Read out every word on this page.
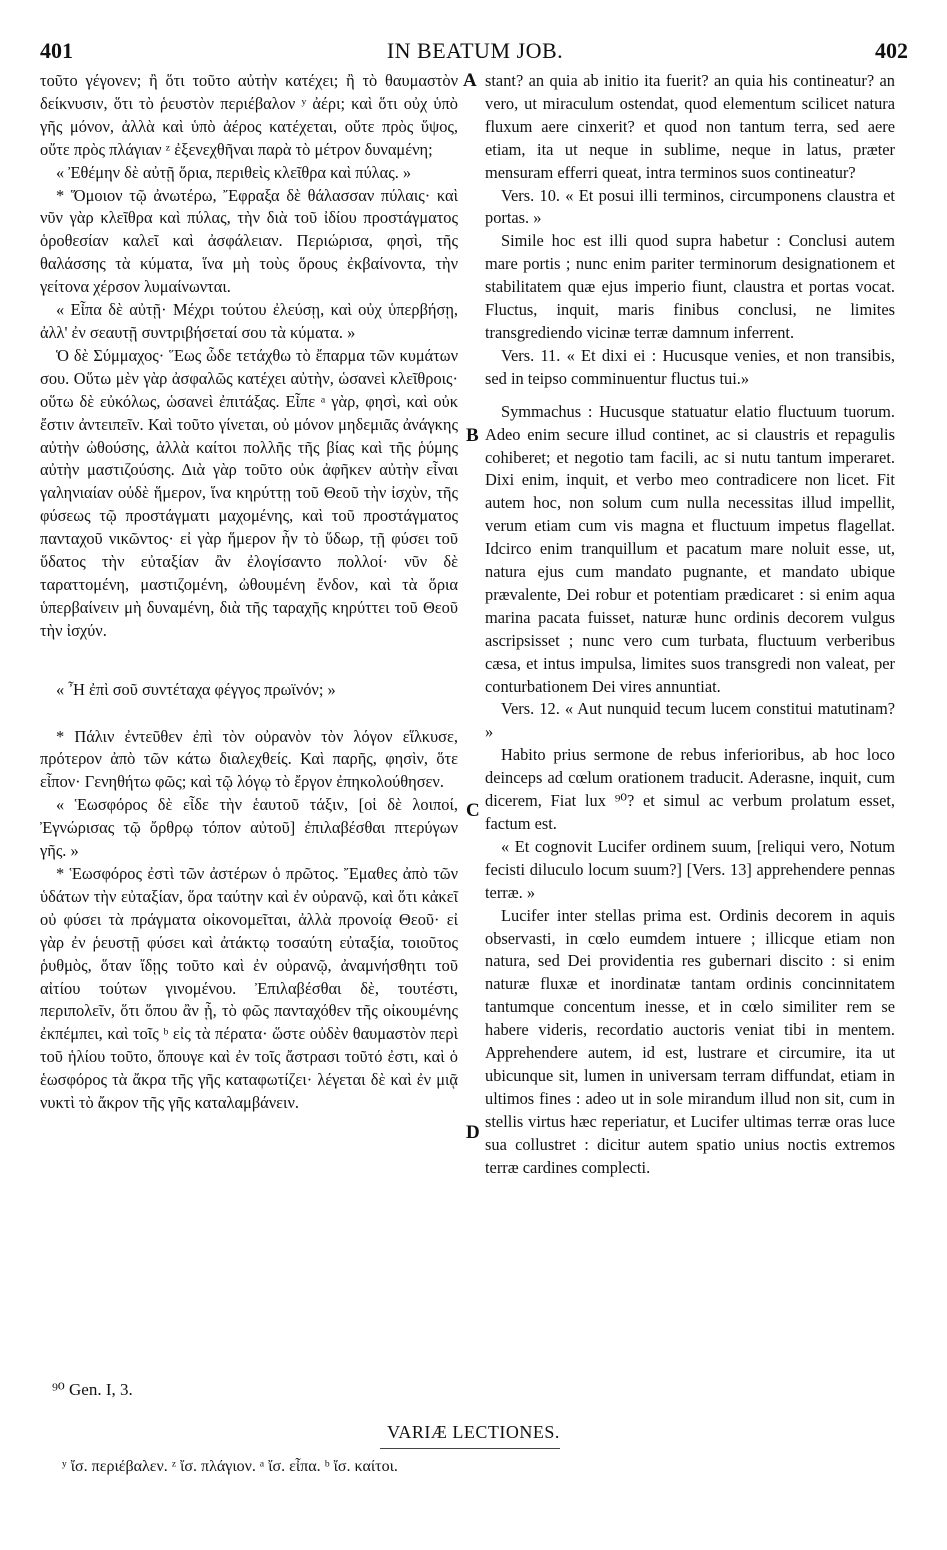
401	IN BEATUM JOB.	402

τοῦτο γέγονεν; ἢ ὅτι τοῦτο αὐτὴν κατέχει; ἢ τὸ θαυμαστὸν δείκνυσιν, ὅτι τὸ ῥευστὸν περιέβαλον ʸ ἀέρι; καὶ ὅτι οὐχ ὑπὸ γῆς μόνον, ἀλλὰ καὶ ὑπὸ ἀέρος κατέχεται, οὔτε πρὸς ὕψος, οὔτε πρὸς πλάγιαν ᶻ ἐξενεχθῆναι παρὰ τὸ μέτρον δυναμένη;

« Ἐθέμην δὲ αὐτῇ ὅρια, περιθεὶς κλεῖθρα καὶ πύλας. »

* Ὅμοιον τῷ ἀνωτέρω, Ἔφραξα δὲ θάλασσαν πύλαις· καὶ νῦν γὰρ κλεῖθρα καὶ πύλας, τὴν διὰ τοῦ ἰδίου προστάγματος ὁροθεσίαν καλεῖ καὶ ἀσφάλειαν. Περιώρισα, φησὶ, τῆς θαλάσσης τὰ κύματα, ἵνα μὴ τοὺς ὅρους ἐκβαίνοντα, τὴν γείτονα χέρσον λυμαίνωνται.

« Εἶπα δὲ αὐτῇ· Μέχρι τούτου ἐλεύσῃ, καὶ οὐχ ὑπερβήσῃ, ἀλλ' ἐν σεαυτῇ συντριβήσεταί σου τὰ κύματα. »

Ὁ δὲ Σύμμαχος· Ἕως ὧδε τετάχθω τὸ ἔπαρμα τῶν κυμάτων σου. Οὕτω μὲν γὰρ ἀσφαλῶς κατέχει αὐτὴν, ὡσανεὶ κλεῖθροις· οὕτω δὲ εὐκόλως, ὡσανεὶ ἐπιτάξας. Εἶπε ᵃ γὰρ, φησὶ, καὶ οὐκ ἔστιν ἀντειπεῖν. Καὶ τοῦτο γίνεται, οὐ μόνον μηδεμιᾶς ἀνάγκης αὐτὴν ὠθούσης, ἀλλὰ καίτοι πολλῆς τῆς βίας καὶ τῆς ῥύμης αὐτὴν μαστιζούσης. Διὰ γὰρ τοῦτο οὐκ ἀφῆκεν αὐτὴν εἶναι γαληνιαίαν οὐδὲ ἥμερον, ἵνα κηρύττῃ τοῦ Θεοῦ τὴν ἰσχὺν, τῆς φύσεως τῷ προστάγματι μαχομένης, καὶ τοῦ προστάγματος πανταχοῦ νικῶντος· εἰ γὰρ ἥμερον ἦν τὸ ὕδωρ, τῇ φύσει τοῦ ὕδατος τὴν εὐταξίαν ἂν ἐλογίσαντο πολλοί· νῦν δὲ ταραττομένη, μαστιζομένη, ὠθουμένη ἔνδον, καὶ τὰ ὅρια ὑπερβαίνειν μὴ δυναμένη, διὰ τῆς ταραχῆς κηρύττει τοῦ Θεοῦ τὴν ἰσχύν.

« Ἦ ἐπὶ σοῦ συντέταχα φέγγος πρωϊνόν; »

* Πάλιν ἐντεῦθεν ἐπὶ τὸν οὐρανὸν τὸν λόγον εἵλκυσε, πρότερον ἀπὸ τῶν κάτω διαλεχθείς. Καὶ παρῆς, φησὶν, ὅτε εἶπον· Γενηθήτω φῶς; καὶ τῷ λόγῳ τὸ ἔργον ἐπηκολούθησεν.

« Ἑωσφόρος δὲ εἶδε τὴν ἑαυτοῦ τάξιν, [οἱ δὲ λοιποί, Ἐγνώρισας τῷ ὄρθρῳ τόπον αὐτοῦ] ἐπιλαβέσθαι πτερύγων γῆς. »

* Ἑωσφόρος ἐστὶ τῶν ἀστέρων ὁ πρῶτος. Ἔμαθες ἀπὸ τῶν ὑδάτων τὴν εὐταξίαν, ὅρα ταύτην καὶ ἐν οὐρανῷ, καὶ ὅτι κἀκεῖ οὐ φύσει τὰ πράγματα οἰκονομεῖται, ἀλλὰ προνοίᾳ Θεοῦ· εἰ γὰρ ἐν ῥευστῇ φύσει καὶ ἀτάκτῳ τοσαύτη εὐταξία, τοιοῦτος ῥυθμὸς, ὅταν ἴδῃς τοῦτο καὶ ἐν οὐρανῷ, ἀναμνήσθητι τοῦ αἰτίου τούτων γινομένου. Ἐπιλαβέσθαι δὲ, τουτέστι, περιπολεῖν, ὅτι ὅπου ἂν ᾖ, τὸ φῶς πανταχόθεν τῆς οἰκουμένης ἐκπέμπει, καὶ τοῖς ᵇ εἰς τὰ πέρατα· ὥστε οὐδὲν θαυμαστὸν περὶ τοῦ ἡλίου τοῦτο, ὅπουγε καὶ ἐν τοῖς ἄστρασι τοῦτό ἐστι, καὶ ὁ ἑωσφόρος τὰ ἄκρα τῆς γῆς καταφωτίζει· λέγεται δὲ καὶ ἐν μιᾷ νυκτὶ τὸ ἄκρον τῆς γῆς καταλαμβάνειν.

stant? an quia ab initio ita fuerit? an quia his contineatur? an vero, ut miraculum ostendat, quod elementum scilicet natura fluxum aere cinxerit? et quod non tantum terra, sed aere etiam, ita ut neque in sublime, neque in latus, præter mensuram efferri queat, intra terminos suos contineatur?

Vers. 10. « Et posui illi terminos, circumponens claustra et portas. »

Simile hoc est illi quod supra habetur : Conclusi autem mare portis ; nunc enim pariter terminorum designationem et stabilitatem quæ ejus imperio fiunt, claustra et portas vocat. Fluctus, inquit, maris finibus conclusi, ne limites transgrediendo vicinæ terræ damnum inferrent.

Vers. 11. « Et dixi ei : Hucusque venies, et non transibis, sed in teipso comminuentur fluctus tui.»

Symmachus : Hucusque statuatur elatio fluctuum tuorum. Adeo enim secure illud continet, ac si claustris et repagulis cohiberet; et negotio tam facili, ac si nutu tantum imperaret. Dixi enim, inquit, et verbo meo contradicere non licet. Fit autem hoc, non solum cum nulla necessitas illud impellit, verum etiam cum vis magna et fluctuum impetus flagellat. Idcirco enim tranquillum et pacatum mare noluit esse, ut, natura ejus cum mandato pugnante, et mandato ubique prævalente, Dei robur et potentiam prædicaret : si enim aqua marina pacata fuisset, naturæ hunc ordinis decorem vulgus ascripsisset ; nunc vero cum turbata, fluctuum verberibus cæsa, et intus impulsa, limites suos transgredi non valeat, per conturbationem Dei vires annuntiat.

Vers. 12. « Aut nunquid tecum lucem constitui matutinam? »

Habito prius sermone de rebus inferioribus, ab hoc loco deinceps ad cœlum orationem traducit. Aderasne, inquit, cum dicerem, Fiat lux ⁹⁰? et simul ac verbum prolatum esset, factum est.

« Et cognovit Lucifer ordinem suum, [reliqui vero, Notum fecisti diluculo locum suum?] [Vers. 13] apprehendere pennas terræ. »

Lucifer inter stellas prima est. Ordinis decorem in aquis observasti, in cœlo eumdem intuere ; illicque etiam non natura, sed Dei providentia res gubernari discito : si enim naturæ fluxæ et inordinatæ tantam ordinis concinnitatem tantumque concentum inesse, et in cœlo similiter rem se habere videris, recordatio auctoris veniat tibi in mentem. Apprehendere autem, id est, lustrare et circumire, ita ut ubicunque sit, lumen in universam terram diffundat, etiam in ultimos fines : adeo ut in sole mirandum illud non sit, cum in stellis virtus hæc reperiatur, et Lucifer ultimas terræ oras luce sua collustret : dicitur autem spatio unius noctis extremos terræ cardines complecti.

A
B
C
D
⁹⁰ Gen. I, 3.
VARIÆ LECTIONES.
ʸ ἴσ. περιέβαλεν. ᶻ ἴσ. πλάγιον. ᵃ ἴσ. εἶπα. ᵇ ἴσ. καίτοι.
